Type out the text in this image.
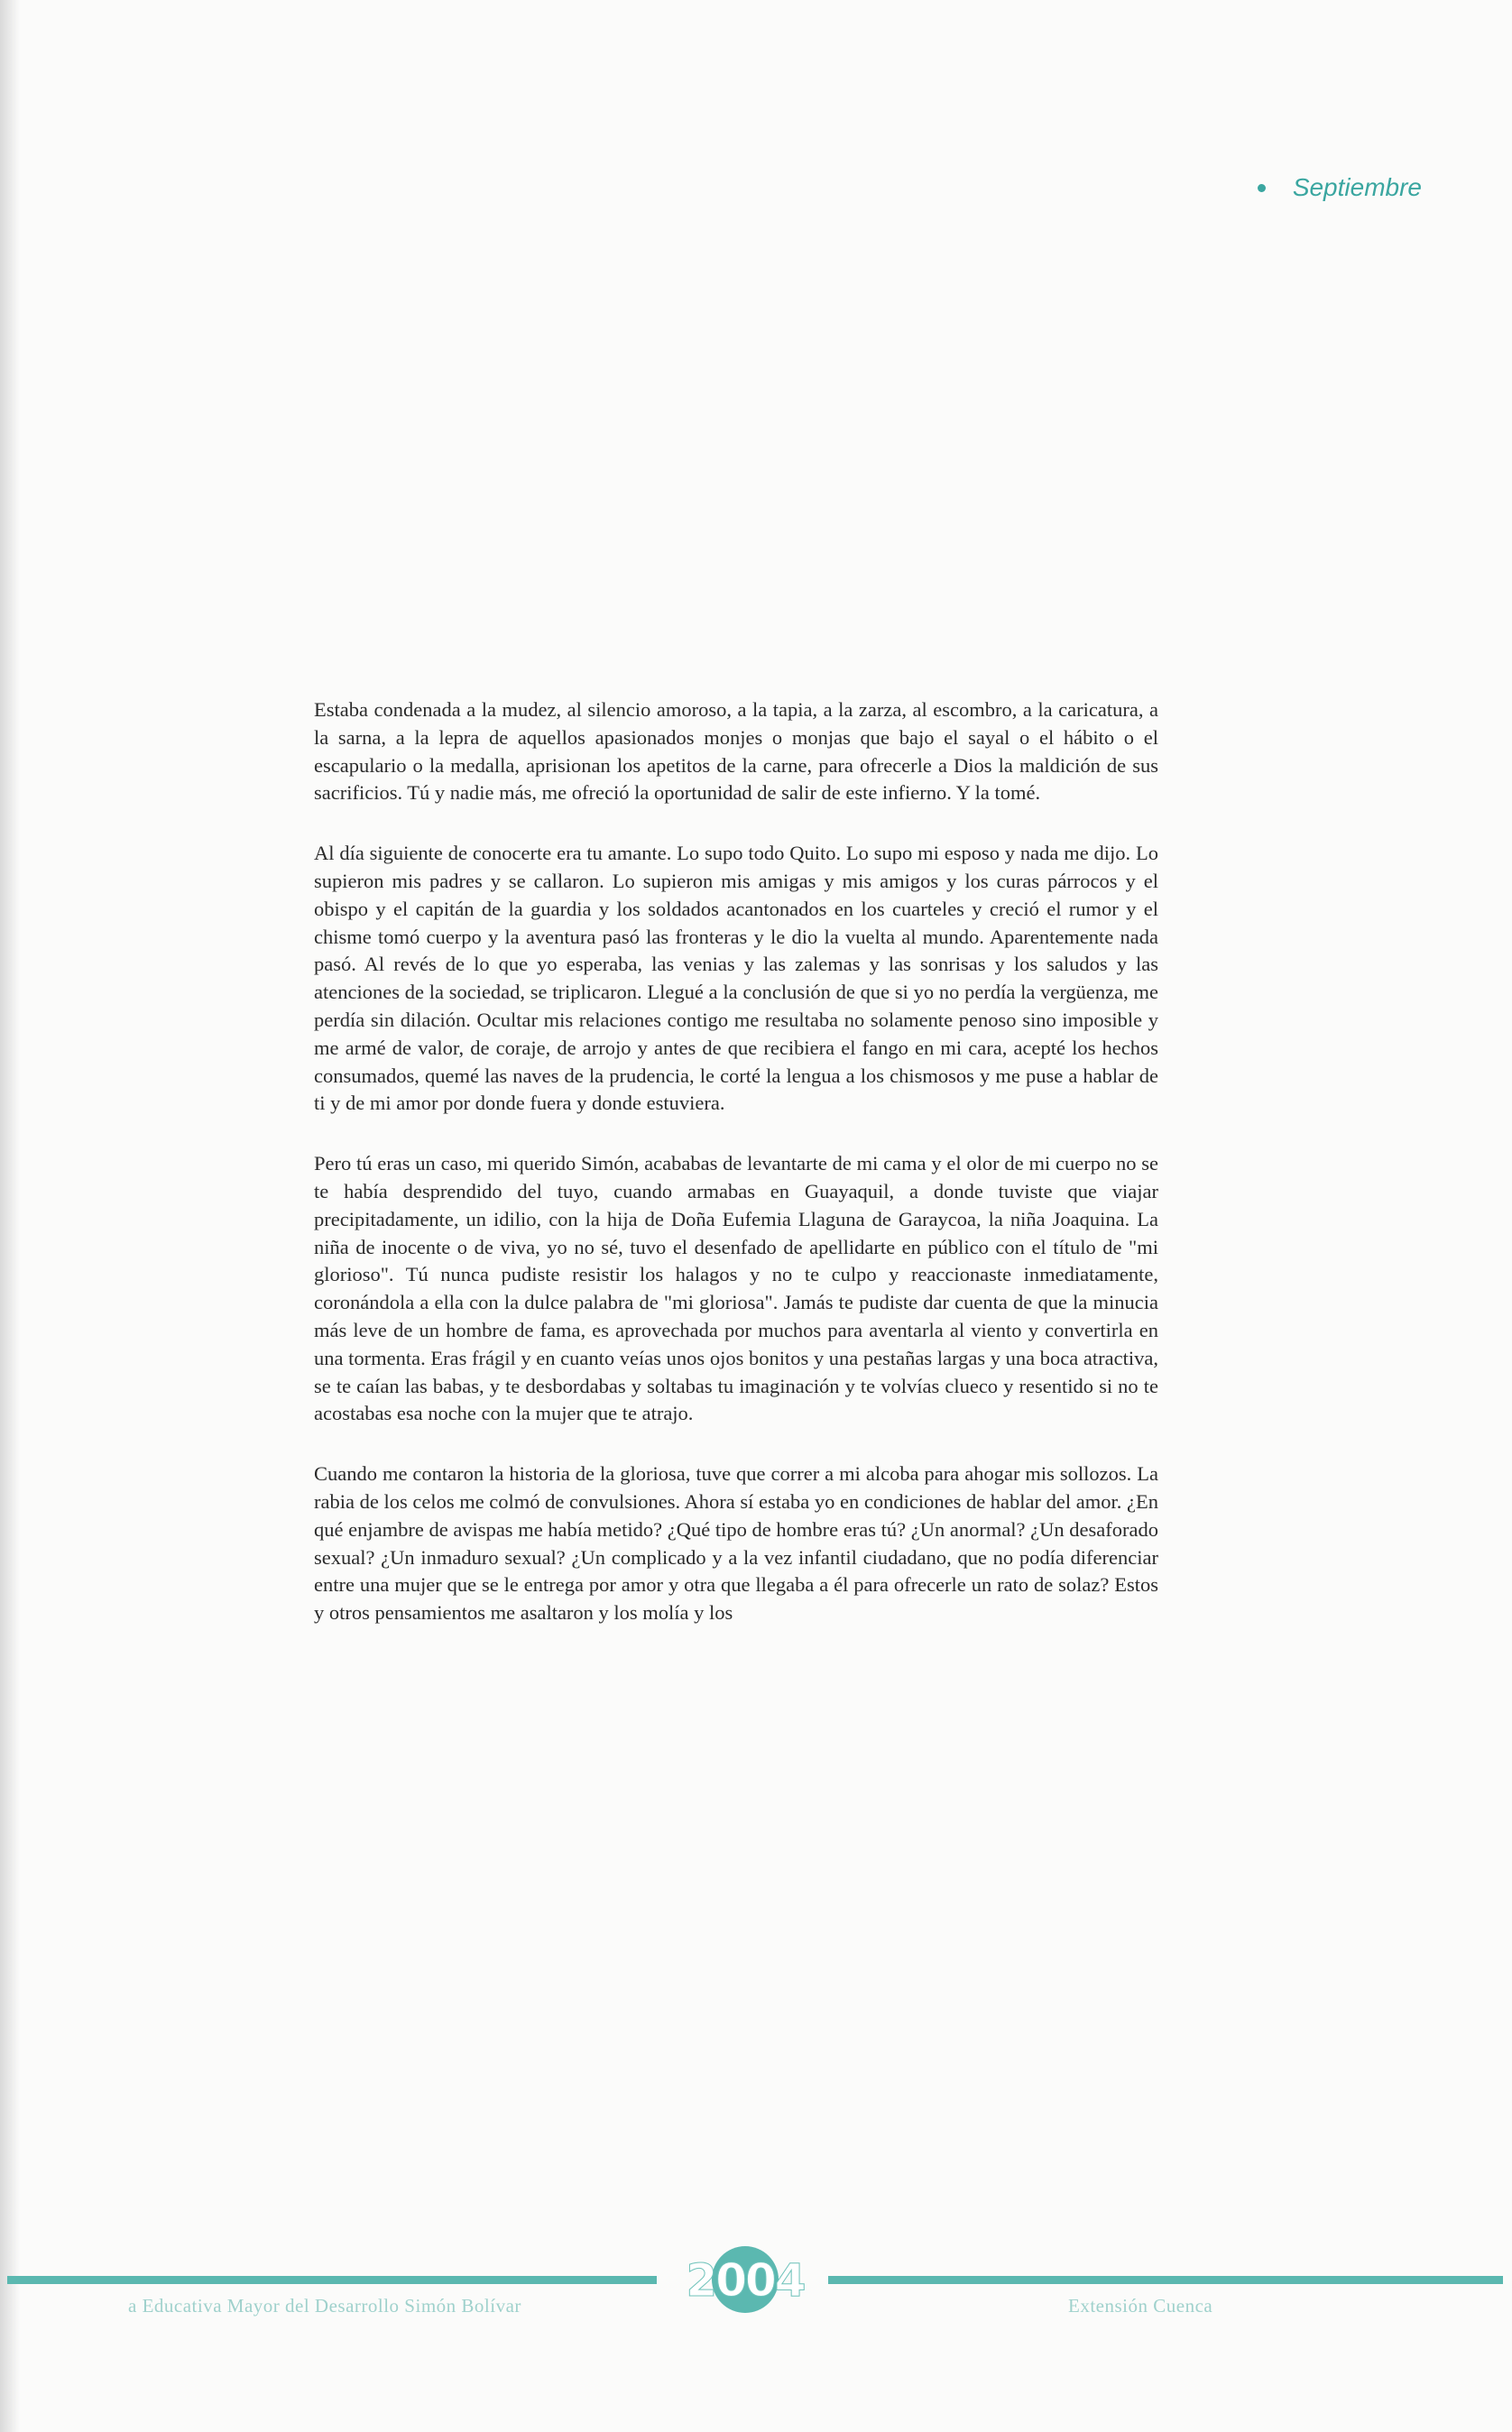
Septiembre

Estaba condenada a la mudez, al silencio amoroso, a la tapia, a la zarza, al escombro, a la caricatura, a la sarna, a la lepra de aquellos apasionados monjes o monjas que bajo el sayal o el hábito o el escapulario o la medalla, aprisionan los apetitos de la carne, para ofrecerle a Dios la maldición de sus sacrificios. Tú y nadie más, me ofreció la oportunidad de salir de este infierno. Y la tomé.

Al día siguiente de conocerte era tu amante. Lo supo todo Quito. Lo supo mi esposo y nada me dijo. Lo supieron mis padres y se callaron. Lo supieron mis amigas y mis amigos y los curas párrocos y el obispo y el capitán de la guardia y los soldados acantonados en los cuarteles y creció el rumor y el chisme tomó cuerpo y la aventura pasó las fronteras y le dio la vuelta al mundo. Aparentemente nada pasó. Al revés de lo que yo esperaba, las venias y las zalemas y las sonrisas y los saludos y las atenciones de la sociedad, se triplicaron. Llegué a la conclusión de que si yo no perdía la vergüenza, me perdía sin dilación. Ocultar mis relaciones contigo me resultaba no solamente penoso sino imposible y me armé de valor, de coraje, de arrojo y antes de que recibiera el fango en mi cara, acepté los hechos consumados, quemé las naves de la prudencia, le corté la lengua a los chismosos y me puse a hablar de ti y de mi amor por donde fuera y donde estuviera.

Pero tú eras un caso, mi querido Simón, acababas de levantarte de mi cama y el olor de mi cuerpo no se te había desprendido del tuyo, cuando armabas en Guayaquil, a donde tuviste que viajar precipitadamente, un idilio, con la hija de Doña Eufemia Llaguna de Garaycoa, la niña Joaquina. La niña de inocente o de viva, yo no sé, tuvo el desenfado de apellidarte en público con el título de "mi glorioso". Tú nunca pudiste resistir los halagos y no te culpo y reaccionaste inmediatamente, coronándola a ella con la dulce palabra de "mi gloriosa". Jamás te pudiste dar cuenta de que la minucia más leve de un hombre de fama, es aprovechada por muchos para aventarla al viento y convertirla en una tormenta. Eras frágil y en cuanto veías unos ojos bonitos y una pestañas largas y una boca atractiva, se te caían las babas, y te desbordabas y soltabas tu imaginación y te volvías clueco y resentido si no te acostabas esa noche con la mujer que te atrajo.

Cuando me contaron la historia de la gloriosa, tuve que correr a mi alcoba para ahogar mis sollozos. La rabia de los celos me colmó de convulsiones. Ahora sí estaba yo en condiciones de hablar del amor. ¿En qué enjambre de avispas me había metido? ¿Qué tipo de hombre eras tú? ¿Un anormal? ¿Un desaforado sexual? ¿Un inmaduro sexual? ¿Un complicado y a la vez infantil ciudadano, que no podía diferenciar entre una mujer que se le entrega por amor y otra que llegaba a él para ofrecerle un rato de solaz? Estos y otros pensamientos me asaltaron y los molía y los

2004
a Educativa Mayor del Desarrollo Simón Bolívar	Extensión Cuenca
